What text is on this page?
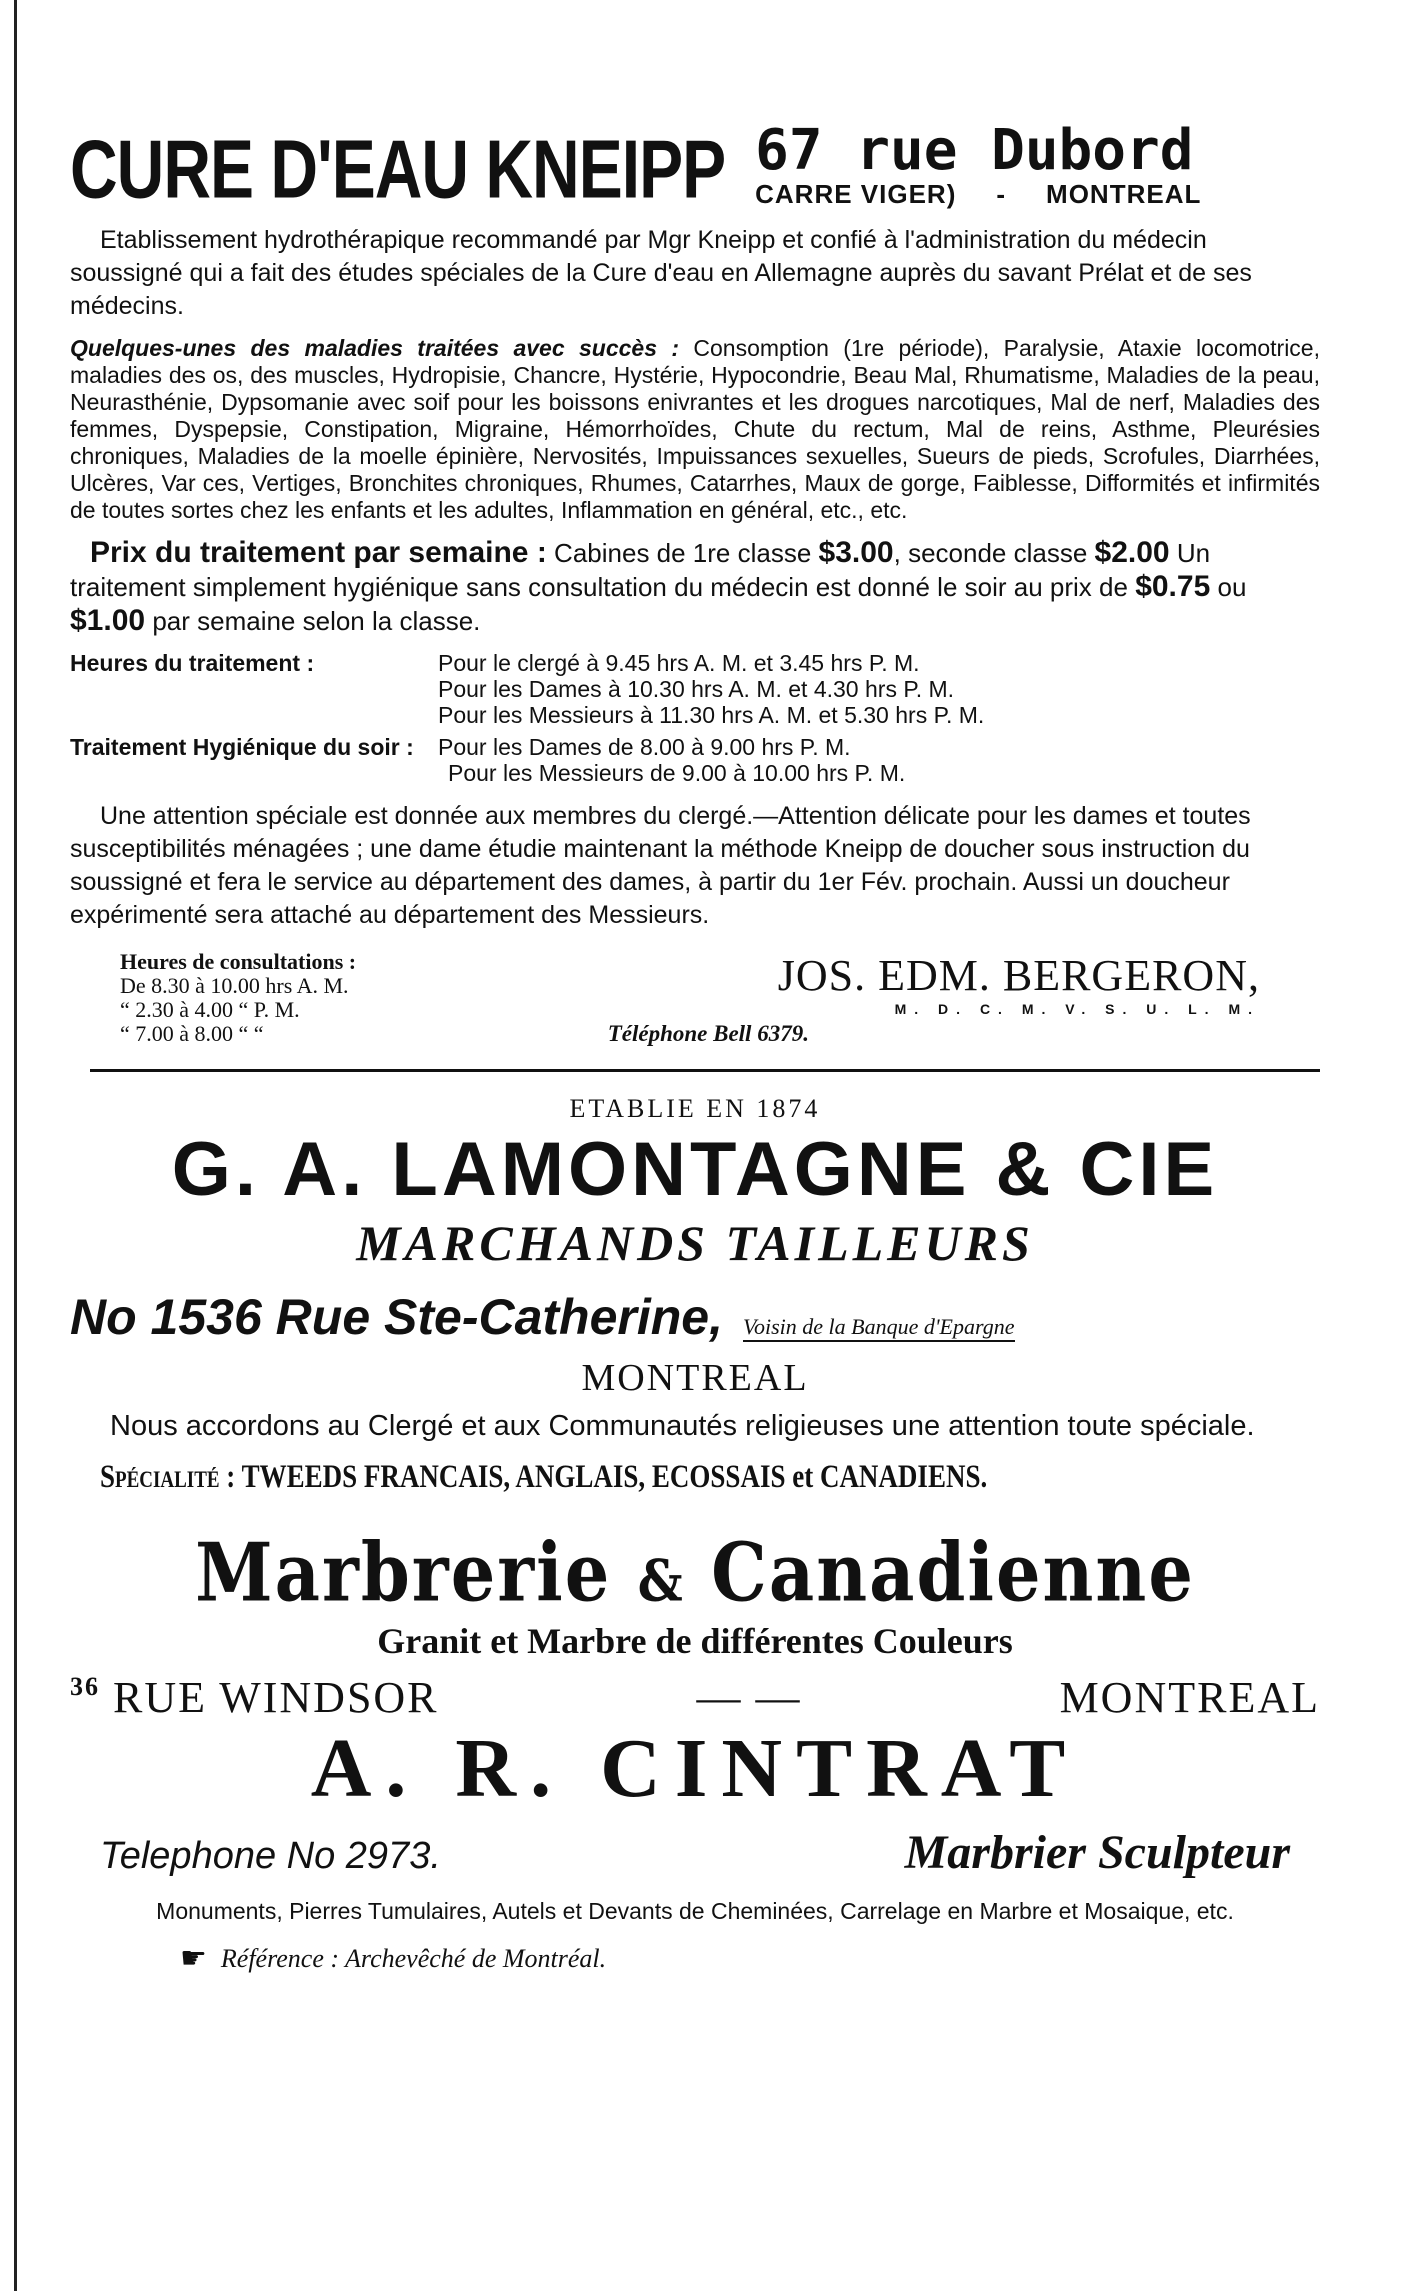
CURE D'EAU KNEIPP 67 rue Dubord
CARRE VIGER) - MONTREAL

Etablissement hydrothérapique recommandé par Mgr Kneipp et confié à l'administration du médecin soussigné qui a fait des études spéciales de la Cure d'eau en Allemagne auprès du savant Prélat et de ses médecins.

Quelques-unes des maladies traitées avec succès : Consomption (1re période), Paralysie, Ataxie locomotrice, maladies des os, des muscles, Hydropisie, Chancre, Hystérie, Hypocondrie, Beau Mal, Rhumatisme, Maladies de la peau, Neurasthénie, Dypsomanie avec soif pour les boissons enivrantes et les drogues narcotiques, Mal de nerf, Maladies des femmes, Dyspepsie, Constipation, Migraine, Hémorrhoïdes, Chute du rectum, Mal de reins, Asthme, Pleurésies chroniques, Maladies de la moelle épinière, Nervosités, Impuissances sexuelles, Sueurs de pieds, Scrofules, Diarrhées, Ulcères, Var ces, Vertiges, Bronchites chroniques, Rhumes, Catarrhes, Maux de gorge, Faiblesse, Difformités et infirmités de toutes sortes chez les enfants et les adultes, Inflammation en général, etc., etc.

Prix du traitement par semaine : Cabines de 1re classe $3.00, seconde classe $2.00 Un traitement simplement hygiénique sans consultation du médecin est donné le soir au prix de $0.75 ou $1.00 par semaine selon la classe.

Heures du traitement :	Pour le clergé à 9.45 hrs A. M. et 3.45 hrs P. M.
Pour les Dames à 10.30 hrs A. M. et 4.30 hrs P. M.
Pour les Messieurs à 11.30 hrs A. M. et 5.30 hrs P. M.
Traitement Hygiénique du soir :	Pour les Dames de 8.00 à 9.00 hrs P. M.
Pour les Messieurs de 9.00 à 10.00 hrs P. M.

Une attention spéciale est donnée aux membres du clergé.—Attention délicate pour les dames et toutes susceptibilités ménagées ; une dame étudie maintenant la méthode Kneipp de doucher sous instruction du soussigné et fera le service au département des dames, à partir du 1er Fév. prochain. Aussi un doucheur expérimenté sera attaché au département des Messieurs.

Heures de consultations :
De 8.30 à 10.00 hrs A. M.
“ 2.30 à 4.00 “ P. M.
“ 7.00 à 8.00 “ “
JOS. EDM. BERGERON,
M. D. C. M. V. S. U. L. M.
Téléphone Bell 6379.
ETABLIE EN 1874
G. A. LAMONTAGNE & CIE
MARCHANDS TAILLEURS
No 1536 Rue Ste-Catherine, Voisin de la Banque d'Epargne
MONTREAL
Nous accordons au Clergé et aux Communautés religieuses une attention toute spéciale.
Spécialité : TWEEDS FRANCAIS, ANGLAIS, ECOSSAIS et CANADIENS.
Marbrerie & Canadienne
Granit et Marbre de différentes Couleurs
$^{36}$ RUE WINDSOR	— —	MONTREAL
A. R. CINTRAT
Telephone No 2973.	Marbrier Sculpteur
Monuments, Pierres Tumulaires, Autels et Devants de Cheminées, Carrelage en Marbre et Mosaique, etc.
☛ Référence : Archevêché de Montréal.
